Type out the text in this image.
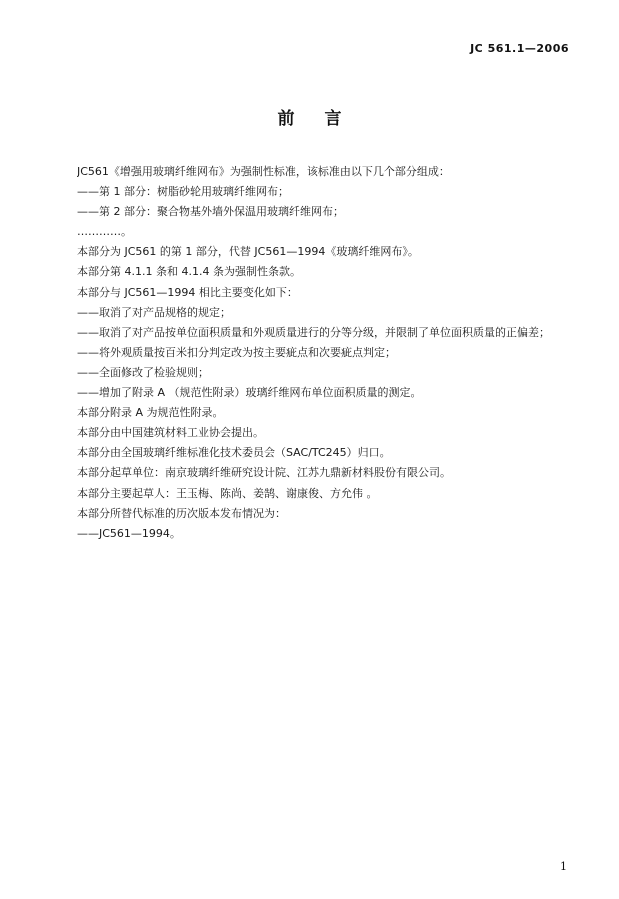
JC 561.1—2006
前言
JC561《增强用玻璃纤维网布》为强制性标准，该标准由以下几个部分组成：
——第 1 部分：树脂砂轮用玻璃纤维网布；
——第 2 部分：聚合物基外墙外保温用玻璃纤维网布；
…………。
本部分为 JC561 的第 1 部分，代替 JC561—1994《玻璃纤维网布》。
本部分第 4.1.1 条和 4.1.4 条为强制性条款。
本部分与 JC561—1994 相比主要变化如下：
——取消了对产品规格的规定；
——取消了对产品按单位面积质量和外观质量进行的分等分级，并限制了单位面积质量的正偏差；
——将外观质量按百米扣分判定改为按主要疵点和次要疵点判定；
——全面修改了检验规则；
——增加了附录 A （规范性附录）玻璃纤维网布单位面积质量的测定。
本部分附录 A 为规范性附录。
本部分由中国建筑材料工业协会提出。
本部分由全国玻璃纤维标准化技术委员会（SAC/TC245）归口。
本部分起草单位：南京玻璃纤维研究设计院、江苏九鼎新材料股份有限公司。
本部分主要起草人：王玉梅、陈尚、姜鹄、谢康俊、方允伟 。
本部分所替代标准的历次版本发布情况为：
——JC561—1994。
1
